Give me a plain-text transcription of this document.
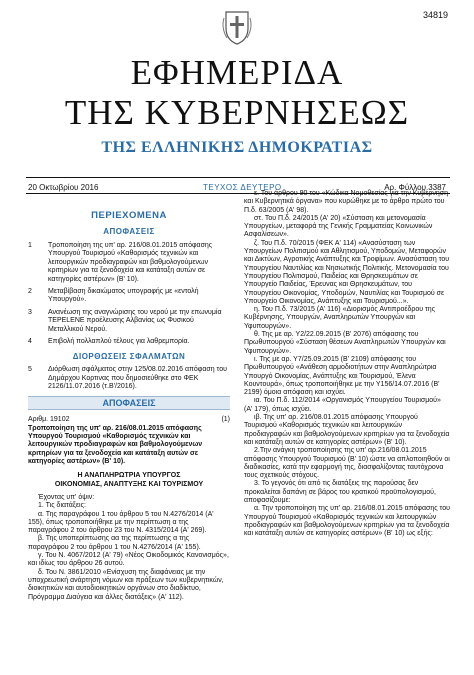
34819
ΕΦΗΜΕΡΙΔΑ
ΤΗΣ ΚΥΒΕΡΝΗΣΕΩΣ
ΤΗΣ ΕΛΛΗΝΙΚΗΣ ΔΗΜΟΚΡΑΤΙΑΣ
20 Οκτωβρίου 2016	ΤΕΥΧΟΣ ΔΕΥΤΕΡΟ	Αρ. Φύλλου 3387
ΠΕΡΙΕΧΟΜΕΝΑ
ΑΠΟΦΑΣΕΙΣ
1	Τροποποίηση της υπ' αρ. 216/08.01.2015 απόφασης Υπουργού Τουρισμού «Καθορισμός τεχνικών και λειτουργικών προδιαγραφών και βαθμολογούμενων κριτηρίων για τα ξενοδοχεία και κατάταξη αυτών σε κατηγορίες αστέρων» (Β' 10).
2	Μεταβίβαση δικαιώματος υπογραφής με «εντολή Υπουργού».
3	Ανανέωση της αναγνώρισης του νερού με την επωνυμία TEPELENE προέλευσης Αλβανίας ως Φυσικού Μεταλλικού Νερού.
4	Επιβολή πολλαπλού τέλους για λαθρεμπορία.
ΔΙΟΡΘΩΣΕΙΣ ΣΦΑΛΜΑΤΩΝ
5	Διόρθωση σφάλματος στην 125/08.02.2016 απόφαση του Δημάρχου Κορτινας που δημοσιεύθηκε στο ΦΕΚ 2126/11.07.2016 (τ.Β'/2016).
ΑΠΟΦΑΣΕΙΣ
Αριθμ. 19102	(1)
Τροποποίηση της υπ' αρ. 216/08.01.2015 απόφασης Υπουργού Τουρισμού «Καθορισμός τεχνικών και λειτουργικών προδιαγραφών και βαθμολογούμενων κριτηρίων για τα ξενοδοχεία και κατάταξη αυτών σε κατηγορίες αστέρων» (Β' 10).
Η ΑΝΑΠΛΗΡΩΤΡΙΑ ΥΠΟΥΡΓΟΣ
ΟΙΚΟΝΟΜΙΑΣ, ΑΝΑΠΤΥΞΗΣ ΚΑΙ ΤΟΥΡΙΣΜΟΥ

Έχοντας υπ' όψιν:

1. Τις διατάξεις:

α. Της παραγράφου 1 του άρθρου 5 του Ν.4276/2014 (Α' 155), όπως τροποποιήθηκε με την περίπτωση α της παραγράφου 2 του άρθρου 23 του Ν. 4315/2014 (Α' 269).

β. Της υποπερίπτωσης αα της περίπτωσης α της παραγράφου 2 του άρθρου 1 του Ν.4276/2014 (Α' 155).

γ. Του Ν. 4067/2012 (Α' 79) «Νέος Οικοδομικός Κανονισμός», και ιδίως του άρθρου 26 αυτού.

δ. Του Ν. 3861/2010 «Ενίσχυση της διαφάνειας με την υποχρεωτική ανάρτηση νόμων και πράξεων των κυβερνητικών, διοικητικών και αυτοδιοικητικών οργάνων στο διαδίκτυο, Πρόγραμμα Διαύγεια και άλλες διατάξεις» (Α' 112).

ε. Του άρθρου 90 του «Κώδικα Νομοθεσίας για την Κυβέρνηση και Κυβερνητικά όργανα» που κυρώθηκε με το άρθρο πρώτο του Π.δ. 63/2005 (Α' 98).

στ. Του Π.δ. 24/2015 (Α' 20) «Σύσταση και μετονομασία Υπουργείων, μεταφορά της Γενικής Γραμματείας Κοινωνικών Ασφαλίσεων».

ζ. Του Π.δ. 70/2015 (ΦΕΚ Α' 114) «Ανασύσταση των Υπουργείων Πολιτισμού και Αθλητισμού, Υποδομών, Μεταφορών και Δικτύων, Αγροτικής Ανάπτυξης και Τροφίμων. Ανασύσταση του Υπουργείου Ναυτιλίας και Νησιωτικής Πολιτικής. Μετονομασία του Υπουργείου Πολιτισμού, Παιδείας και Θρησκευμάτων σε Υπουργείο Παιδείας, Έρευνας και Θρησκευμάτων, του Υπουργείου Οικονομίας, Υποδομών, Ναυτιλίας και Τουρισμού σε Υπουργείο Οικονομίας, Ανάπτυξης και Τουρισμού...».

η. Του Π.δ. 73/2015 (Α' 116) «Διορισμός Αντιπροέδρου της Κυβέρνησης, Υπουργών, Αναπληρωτών Υπουργών και Υφυπουργών».

θ. Της με αρ. Υ2/22.09.2015 (Β' 2076) απόφασης του Πρωθυπουργού «Σύσταση θέσεων Αναπληρωτών Υπουργών και Υφυπουργών».

ι. Της με αρ. Υ7/25.09.2015 (Β' 2109) απόφασης του Πρωθυπουργού «Ανάθεση αρμοδιοτήτων στην Αναπληρώτρια Υπουργό Οικονομίας, Ανάπτυξης και Τουρισμού, Έλενα Κουντουρά», όπως τροποποιήθηκε με την Υ156/14.07.2016 (Β' 2199) όμοια απόφαση και ισχύει.

ια. Του Π.δ. 112/2014 «Οργανισμός Υπουργείου Τουρισμού» (Α' 179), όπως ισχύει.

ιβ. Της υπ' αρ. 216/08.01.2015 απόφασης Υπουργού Τουρισμού «Καθορισμός τεχνικών και λειτουργικών προδιαγραφών και βαθμολογούμενων κριτηρίων για τα ξενοδοχεία και κατάταξη αυτών σε κατηγορίες αστέρων» (Β' 10).

2.Την ανάγκη τροποποίησης της υπ' αρ.216/08.01.2015 απόφασης Υπουργού Τουρισμού (Β' 10) ώστε να απλοποιηθούν οι διαδικασίες, κατά την εφαρμογή της, διασφαλίζοντας ταυτόχρονα τους σχετικούς στόχους.

3. Το γεγονός ότι από τις διατάξεις της παρούσας δεν προκαλείται δαπάνη σε βάρος του κρατικού προϋπολογισμού, αποφασίζουμε:

α. Την τροποποίηση της υπ' αρ. 216/08.01.2015 απόφασης του Υπουργού Τουρισμού «Καθορισμός τεχνικών και λειτουργικών προδιαγραφών και βαθμολογούμενων κριτηρίων για τα ξενοδοχεία και κατάταξη αυτών σε κατηγορίες αστέρων» (Β' 10) ως εξής:
